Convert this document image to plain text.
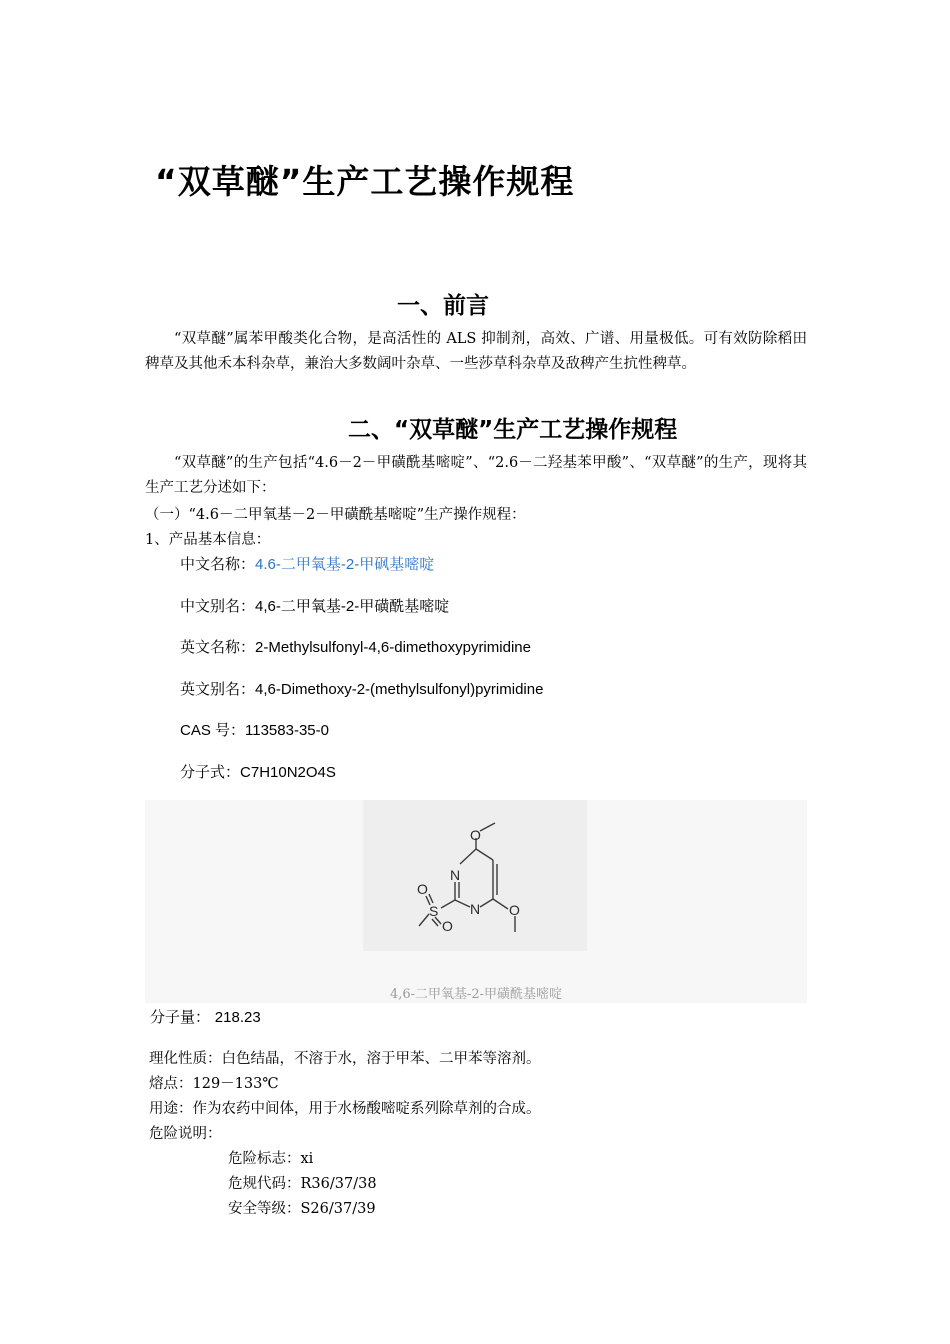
“双草醚”生产工艺操作规程
一、前言
“双草醚”属苯甲酸类化合物，是高活性的 ALS 抑制剂，高效、广谱、用量极低。可有效防除稻田稗草及其他禾本科杂草，兼治大多数阔叶杂草、一些莎草科杂草及敌稗产生抗性稗草。
二、“双草醚”生产工艺操作规程
“双草醚”的生产包括“4.6－2－甲磺酰基嘧啶”、“2.6－二羟基苯甲酸”、“双草醚”的生产，现将其生产工艺分述如下：
（一）“4.6－二甲氧基－2－甲磺酰基嘧啶”生产操作规程：
1、产品基本信息：
中文名称：4.6-二甲氧基-2-甲砜基嘧啶
中文别名：4,6-二甲氧基-2-甲磺酰基嘧啶
英文名称：2-Methylsulfonyl-4,6-dimethoxypyrimidine
英文别名：4,6-Dimethoxy-2-(methylsulfonyl)pyrimidine
CAS 号：113583-35-0
分子式：C7H10N2O4S
O
N
N O
S
O
O
4,6-二甲氧基-2-甲磺酰基嘧啶
分子量： 218.23
理化性质：白色结晶，不溶于水，溶于甲苯、二甲苯等溶剂。
熔点：129－133℃
用途：作为农药中间体，用于水杨酸嘧啶系列除草剂的合成。
危险说明：
危险标志：xi
危规代码：R36/37/38
安全等级：S26/37/39
